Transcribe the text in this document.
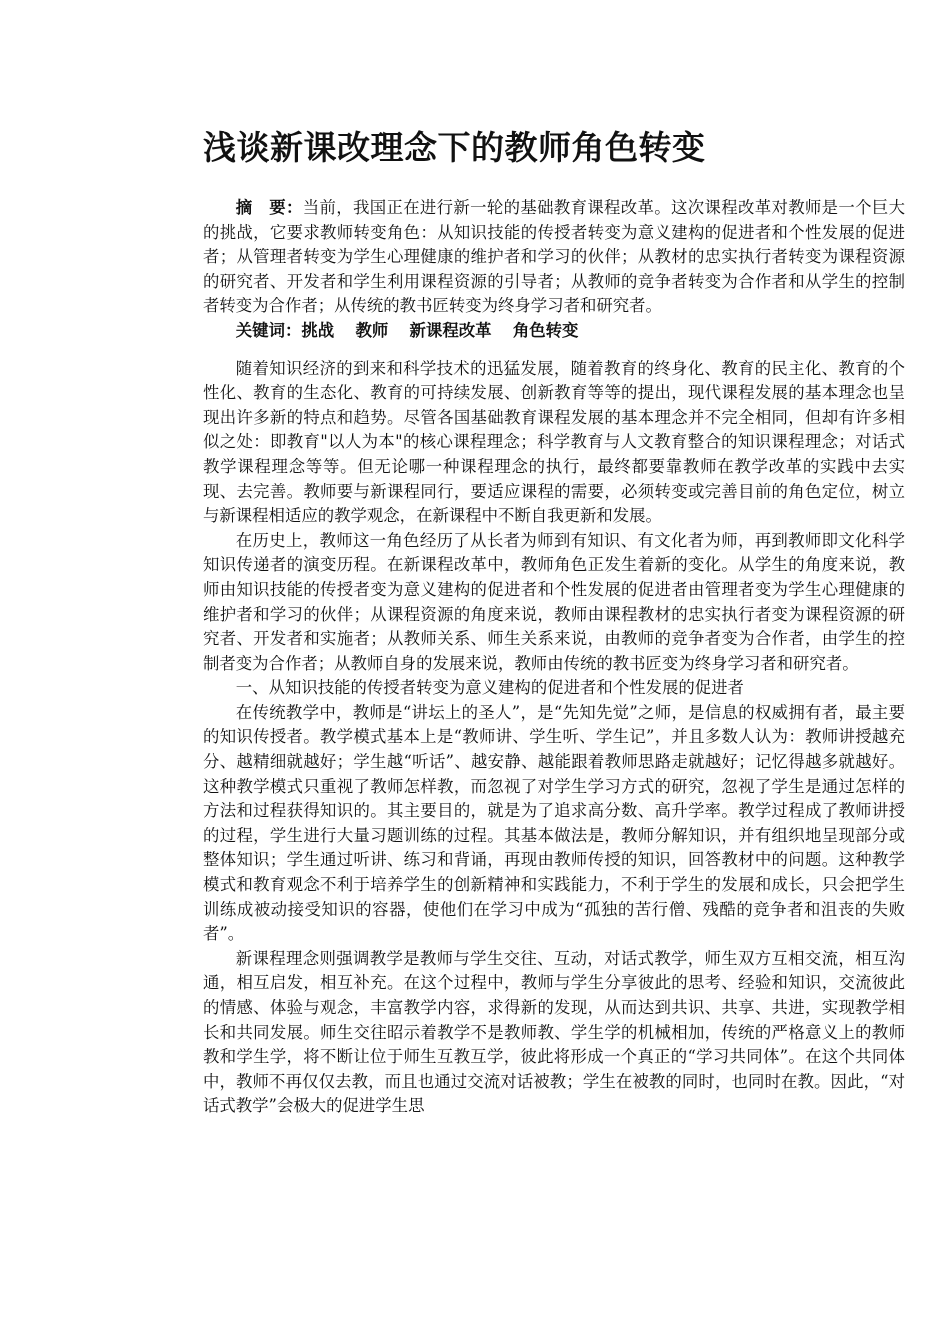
浅谈新课改理念下的教师角色转变

摘　要：当前，我国正在进行新一轮的基础教育课程改革。这次课程改革对教师是一个巨大的挑战，它要求教师转变角色：从知识技能的传授者转变为意义建构的促进者和个性发展的促进者；从管理者转变为学生心理健康的维护者和学习的伙伴；从教材的忠实执行者转变为课程资源的研究者、开发者和学生利用课程资源的引导者；从教师的竞争者转变为合作者和从学生的控制者转变为合作者；从传统的教书匠转变为终身学习者和研究者。

关键词：挑战 教师 新课程改革 角色转变

随着知识经济的到来和科学技术的迅猛发展，随着教育的终身化、教育的民主化、教育的个性化、教育的生态化、教育的可持续发展、创新教育等等的提出，现代课程发展的基本理念也呈现出许多新的特点和趋势。尽管各国基础教育课程发展的基本理念并不完全相同，但却有许多相似之处：即教育"以人为本"的核心课程理念；科学教育与人文教育整合的知识课程理念；对话式教学课程理念等等。但无论哪一种课程理念的执行，最终都要靠教师在教学改革的实践中去实现、去完善。教师要与新课程同行，要适应课程的需要，必须转变或完善目前的角色定位，树立与新课程相适应的教学观念，在新课程中不断自我更新和发展。

在历史上，教师这一角色经历了从长者为师到有知识、有文化者为师，再到教师即文化科学知识传递者的演变历程。在新课程改革中，教师角色正发生着新的变化。从学生的角度来说，教师由知识技能的传授者变为意义建构的促进者和个性发展的促进者由管理者变为学生心理健康的维护者和学习的伙伴；从课程资源的角度来说，教师由课程教材的忠实执行者变为课程资源的研究者、开发者和实施者；从教师关系、师生关系来说，由教师的竞争者变为合作者，由学生的控制者变为合作者；从教师自身的发展来说，教师由传统的教书匠变为终身学习者和研究者。

一、从知识技能的传授者转变为意义建构的促进者和个性发展的促进者

在传统教学中，教师是“讲坛上的圣人”，是“先知先觉”之师，是信息的权威拥有者，最主要的知识传授者。教学模式基本上是“教师讲、学生听、学生记”，并且多数人认为：教师讲授越充分、越精细就越好；学生越“听话”、越安静、越能跟着教师思路走就越好；记忆得越多就越好。这种教学模式只重视了教师怎样教，而忽视了对学生学习方式的研究，忽视了学生是通过怎样的方法和过程获得知识的。其主要目的，就是为了追求高分数、高升学率。教学过程成了教师讲授的过程，学生进行大量习题训练的过程。其基本做法是，教师分解知识，并有组织地呈现部分或整体知识；学生通过听讲、练习和背诵，再现由教师传授的知识，回答教材中的问题。这种教学模式和教育观念不利于培养学生的创新精神和实践能力，不利于学生的发展和成长，只会把学生训练成被动接受知识的容器，使他们在学习中成为“孤独的苦行僧、残酷的竞争者和沮丧的失败者”。

新课程理念则强调教学是教师与学生交往、互动，对话式教学，师生双方互相交流，相互沟通，相互启发，相互补充。在这个过程中，教师与学生分享彼此的思考、经验和知识，交流彼此的情感、体验与观念，丰富教学内容，求得新的发现，从而达到共识、共享、共进，实现教学相长和共同发展。师生交往昭示着教学不是教师教、学生学的机械相加，传统的严格意义上的教师教和学生学，将不断让位于师生互教互学，彼此将形成一个真正的“学习共同体”。在这个共同体中，教师不再仅仅去教，而且也通过交流对话被教；学生在被教的同时，也同时在教。因此，“对话式教学”会极大的促进学生思
